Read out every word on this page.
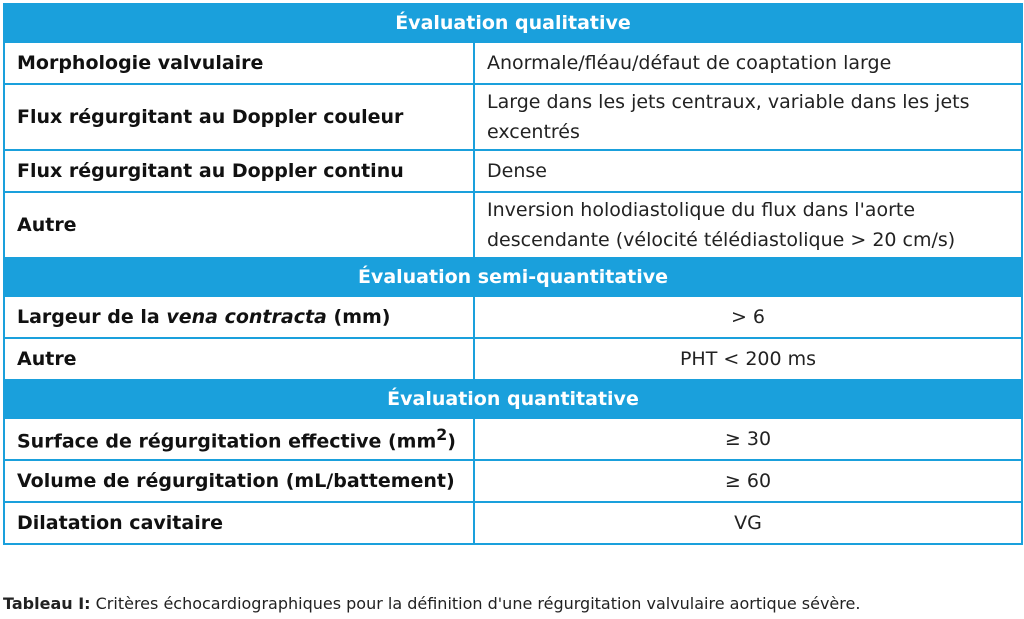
Évaluation qualitative	
Morphologie valvulaire	Anormale/fléau/défaut de coaptation large
Flux régurgitant au Doppler couleur	Large dans les jets centraux, variable dans les jets excentrés
Flux régurgitant au Doppler continu	Dense
Autre	Inversion holodiastolique du flux dans l'aorte descendante (vélocité télédiastolique > 20 cm/s)
Évaluation semi-quantitative	
Largeur de la vena contracta (mm)	> 6
Autre	PHT < 200 ms
Évaluation quantitative	
Surface de régurgitation effective $(mm^2)$	≥ 30
Volume de régurgitation (mL/battement)	≥ 60
Dilatation cavitaire	VG
Tableau I: Critères échocardiographiques pour la définition d'une régurgitation valvulaire aortique sévère.
